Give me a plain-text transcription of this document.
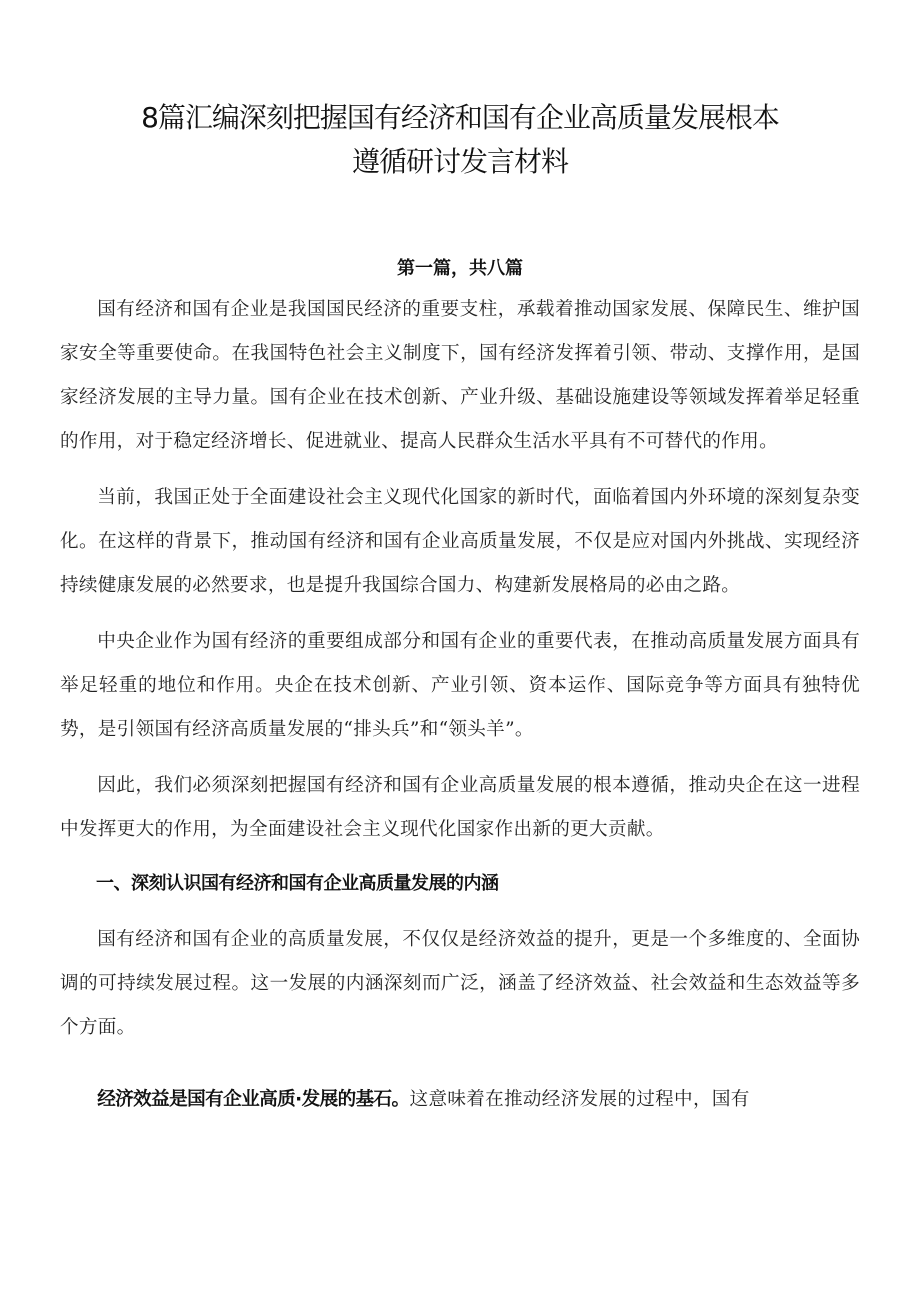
8篇汇编深刻把握国有经济和国有企业高质量发展根本
遵循研讨发言材料
第一篇，共八篇

国有经济和国有企业是我国国民经济的重要支柱，承载着推动国家发展、保障民生、维护国家安全等重要使命。在我国特色社会主义制度下，国有经济发挥着引领、带动、支撑作用，是国家经济发展的主导力量。国有企业在技术创新、产业升级、基础设施建设等领域发挥着举足轻重的作用，对于稳定经济增长、促进就业、提高人民群众生活水平具有不可替代的作用。

当前，我国正处于全面建设社会主义现代化国家的新时代，面临着国内外环境的深刻复杂变化。在这样的背景下，推动国有经济和国有企业高质量发展，不仅是应对国内外挑战、实现经济持续健康发展的必然要求，也是提升我国综合国力、构建新发展格局的必由之路。

中央企业作为国有经济的重要组成部分和国有企业的重要代表，在推动高质量发展方面具有举足轻重的地位和作用。央企在技术创新、产业引领、资本运作、国际竞争等方面具有独特优势，是引领国有经济高质量发展的“排头兵”和“领头羊”。

因此，我们必须深刻把握国有经济和国有企业高质量发展的根本遵循，推动央企在这一进程中发挥更大的作用，为全面建设社会主义现代化国家作出新的更大贡献。

一、深刻认识国有经济和国有企业高质量发展的内涵

国有经济和国有企业的高质量发展，不仅仅是经济效益的提升，更是一个多维度的、全面协调的可持续发展过程。这一发展的内涵深刻而广泛，涵盖了经济效益、社会效益和生态效益等多个方面。

经济效益是国有企业高质·发展的基石。这意味着在推动经济发展的过程中，国有
